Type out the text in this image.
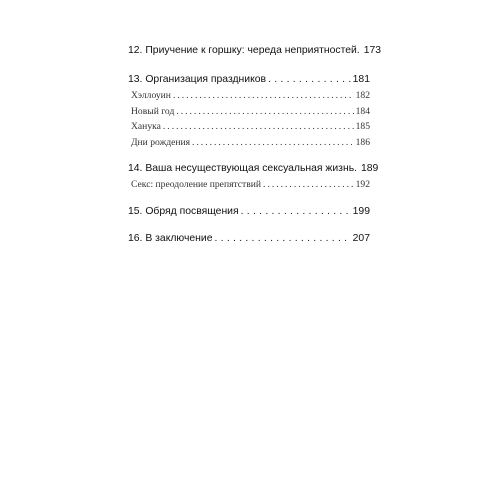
12. Приучение к горшку: череда неприятностей. 173
13. Организация праздников . . .	181
Хэллоуин . . .	182
Новый год . . .	184
Ханука . . .	185
Дни рождения . . .	186
14. Ваша несуществующая сексуальная жизнь. 189
Секс: преодоление препятствий . . .	192
15. Обряд посвящения . . .	199
16. В заключение . . .	207
